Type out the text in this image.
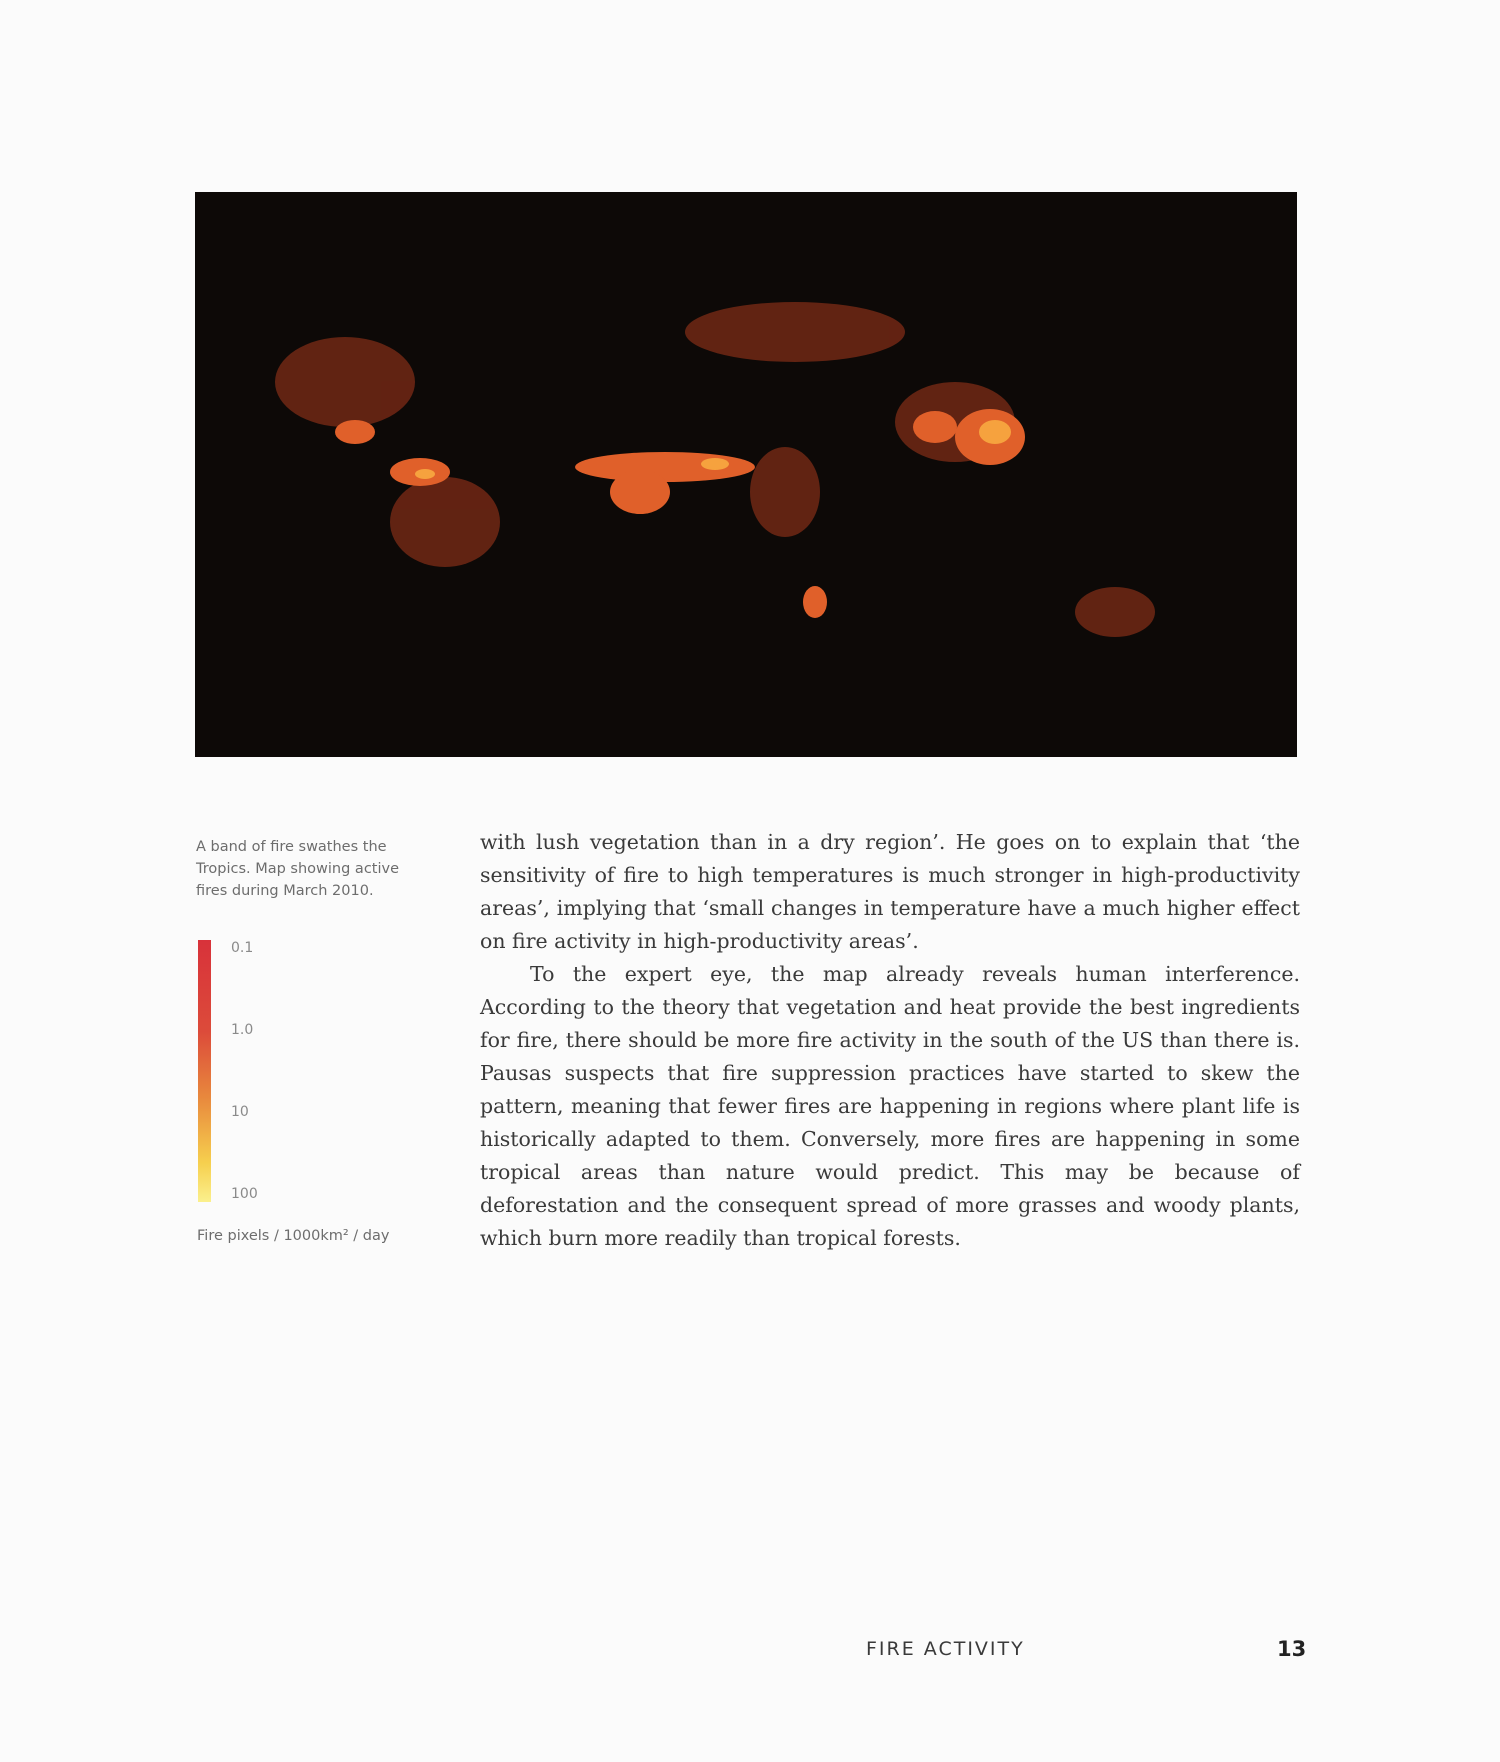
A band of fire swathes the Tropics. Map showing active fires during March 2010.
0.1
1.0
10
100
Fire pixels / 1000km² / day

with lush vegetation than in a dry region’. He goes on to explain that ‘the sensitivity of fire to high temperatures is much stronger in high-productivity areas’, implying that ‘small changes in temperature have a much higher effect on fire activity in high-productivity areas’.

To the expert eye, the map already reveals human interference. According to the theory that vegetation and heat provide the best ingredients for fire, there should be more fire activity in the south of the US than there is. Pausas suspects that fire suppression practices have started to skew the pattern, meaning that fewer fires are happening in regions where plant life is historically adapted to them. Conversely, more fires are happening in some tropical areas than nature would predict. This may be because of deforestation and the consequent spread of more grasses and woody plants, which burn more readily than tropical forests.

FIRE ACTIVITY	13
